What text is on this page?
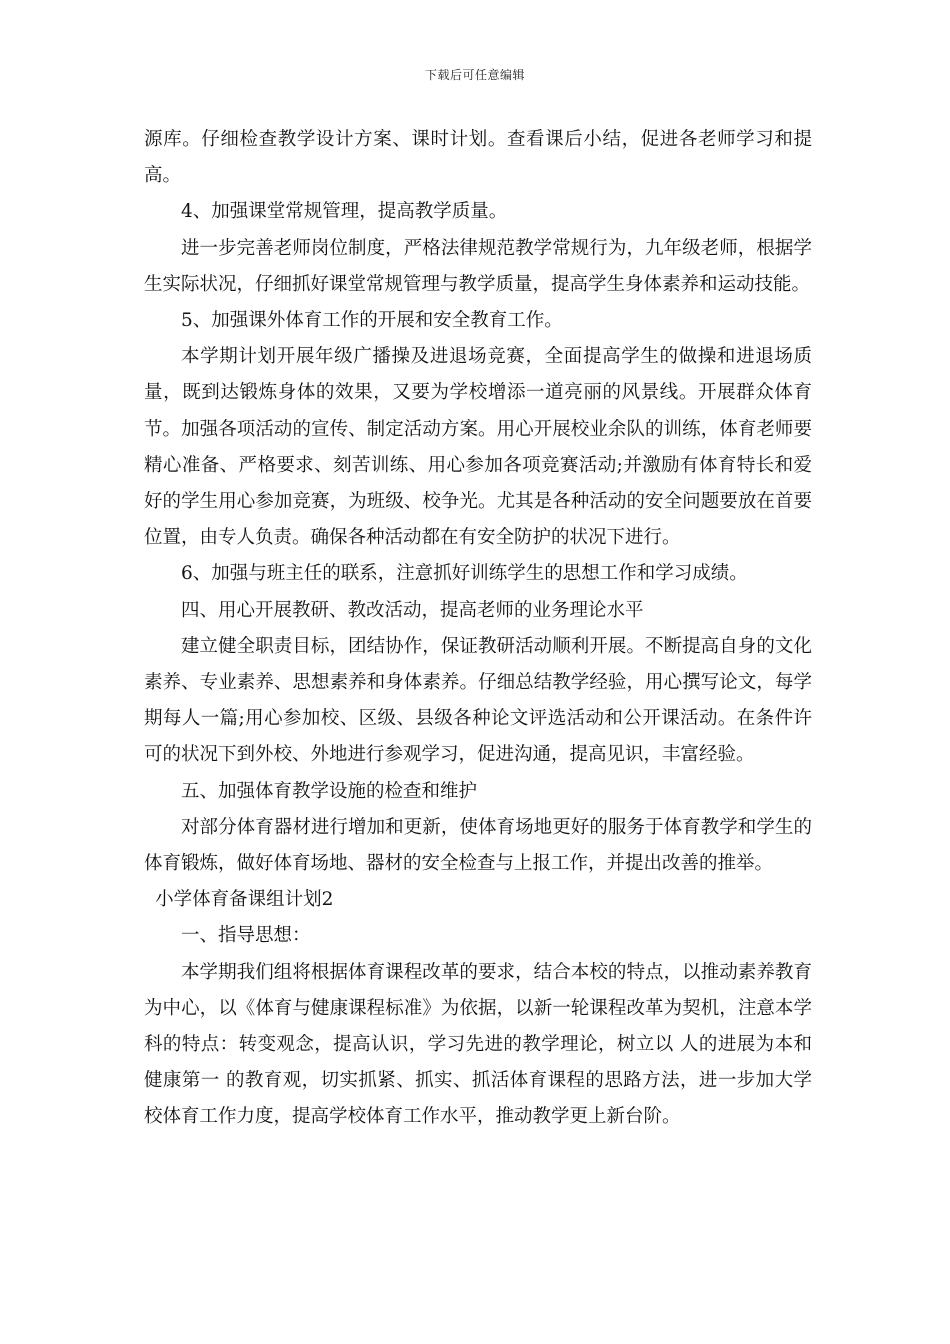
下载后可任意编辑

源库。仔细检查教学设计方案、课时计划。查看课后小结，促进各老师学习和提高。

4、加强课堂常规管理，提高教学质量。

进一步完善老师岗位制度，严格法律规范教学常规行为，九年级老师，根据学生实际状况，仔细抓好课堂常规管理与教学质量，提高学生身体素养和运动技能。

5、加强课外体育工作的开展和安全教育工作。

本学期计划开展年级广播操及进退场竞赛，全面提高学生的做操和进退场质量，既到达锻炼身体的效果，又要为学校增添一道亮丽的风景线。开展群众体育节。加强各项活动的宣传、制定活动方案。用心开展校业余队的训练，体育老师要精心准备、严格要求、刻苦训练、用心参加各项竞赛活动;并激励有体育特长和爱好的学生用心参加竞赛，为班级、校争光。尤其是各种活动的安全问题要放在首要位置，由专人负责。确保各种活动都在有安全防护的状况下进行。

6、加强与班主任的联系，注意抓好训练学生的思想工作和学习成绩。

四、用心开展教研、教改活动，提高老师的业务理论水平

建立健全职责目标，团结协作，保证教研活动顺利开展。不断提高自身的文化素养、专业素养、思想素养和身体素养。仔细总结教学经验，用心撰写论文，每学期每人一篇;用心参加校、区级、县级各种论文评选活动和公开课活动。在条件许可的状况下到外校、外地进行参观学习，促进沟通，提高见识，丰富经验。

五、加强体育教学设施的检查和维护

对部分体育器材进行增加和更新，使体育场地更好的服务于体育教学和学生的体育锻炼，做好体育场地、器材的安全检查与上报工作，并提出改善的推举。

小学体育备课组计划2

一、指导思想：

本学期我们组将根据体育课程改革的要求，结合本校的特点，以推动素养教育为中心，以《体育与健康课程标准》为依据，以新一轮课程改革为契机，注意本学科的特点：转变观念，提高认识，学习先进的教学理论，树立以 人的进展为本和健康第一 的教育观，切实抓紧、抓实、抓活体育课程的思路方法，进一步加大学校体育工作力度，提高学校体育工作水平，推动教学更上新台阶。
